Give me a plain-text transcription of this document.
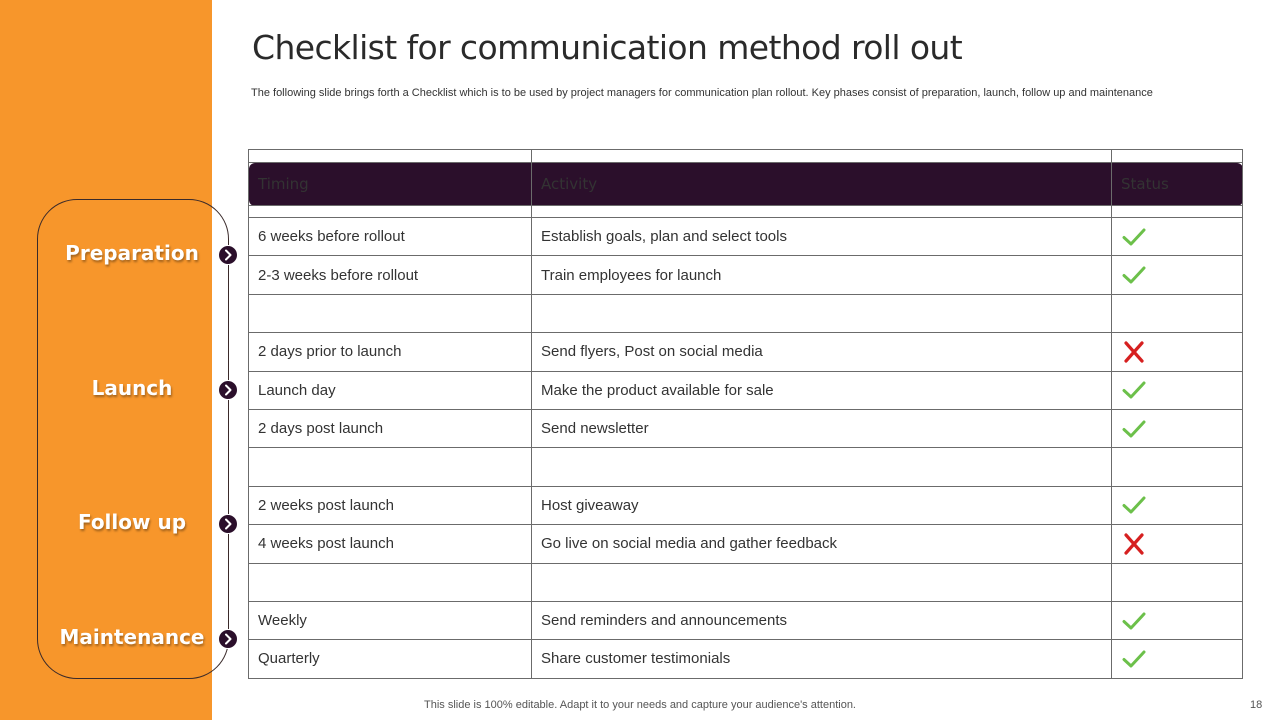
Checklist for communication method roll out

The following slide brings forth a Checklist which is to be used by project managers for communication plan rollout. Key phases consist of preparation, launch, follow up and maintenance

Preparation
Launch
Follow up
Maintenance

Timing	Activity	Status

6 weeks before rollout	Establish goals, plan and select tools	
2-3 weeks before rollout	Train employees for launch	

2 days prior to launch	Send flyers, Post on social media	
Launch day	Make the product available for sale	
2 days post launch	Send newsletter	

2 weeks post launch	Host giveaway	
4 weeks post launch	Go live on social media and gather feedback	

Weekly	Send reminders and announcements	
Quarterly	Share customer testimonials	

This slide is 100% editable. Adapt it to your needs and capture your audience's attention.	18
